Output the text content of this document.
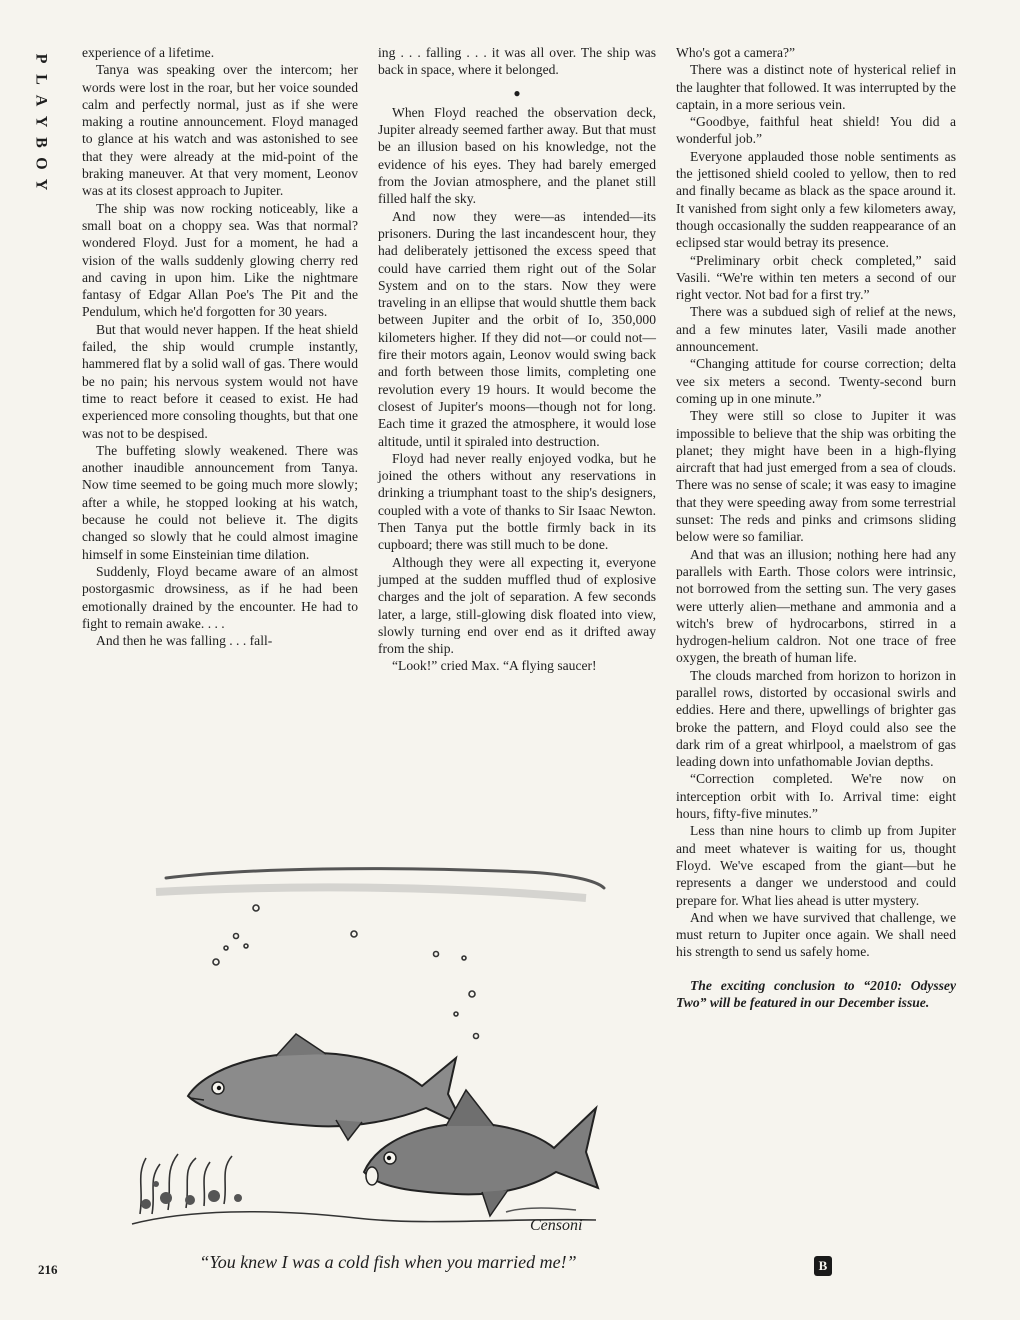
P
L
A
Y
B
O
Y

experience of a lifetime.

Tanya was speaking over the intercom; her words were lost in the roar, but her voice sounded calm and perfectly normal, just as if she were making a routine announcement. Floyd managed to glance at his watch and was astonished to see that they were already at the mid-point of the braking maneuver. At that very moment, Leonov was at its closest approach to Jupiter.

The ship was now rocking noticeably, like a small boat on a choppy sea. Was that normal? wondered Floyd. Just for a moment, he had a vision of the walls suddenly glowing cherry red and caving in upon him. Like the nightmare fantasy of Edgar Allan Poe's The Pit and the Pendulum, which he'd forgotten for 30 years.

But that would never happen. If the heat shield failed, the ship would crumple instantly, hammered flat by a solid wall of gas. There would be no pain; his nervous system would not have time to react before it ceased to exist. He had experienced more consoling thoughts, but that one was not to be despised.

The buffeting slowly weakened. There was another inaudible announcement from Tanya. Now time seemed to be going much more slowly; after a while, he stopped looking at his watch, because he could not believe it. The digits changed so slowly that he could almost imagine himself in some Einsteinian time dilation.

Suddenly, Floyd became aware of an almost postorgasmic drowsiness, as if he had been emotionally drained by the encounter. He had to fight to remain awake. . . .

And then he was falling . . . fall-

ing . . . falling . . . it was all over. The ship was back in space, where it belonged.

●

When Floyd reached the observation deck, Jupiter already seemed farther away. But that must be an illusion based on his knowledge, not the evidence of his eyes. They had barely emerged from the Jovian atmosphere, and the planet still filled half the sky.

And now they were—as intended—its prisoners. During the last incandescent hour, they had deliberately jettisoned the excess speed that could have carried them right out of the Solar System and on to the stars. Now they were traveling in an ellipse that would shuttle them back between Jupiter and the orbit of Io, 350,000 kilometers higher. If they did not—or could not—fire their motors again, Leonov would swing back and forth between those limits, completing one revolution every 19 hours. It would become the closest of Jupiter's moons—though not for long. Each time it grazed the atmosphere, it would lose altitude, until it spiraled into destruction.

Floyd had never really enjoyed vodka, but he joined the others without any reservations in drinking a triumphant toast to the ship's designers, coupled with a vote of thanks to Sir Isaac Newton. Then Tanya put the bottle firmly back in its cupboard; there was still much to be done.

Although they were all expecting it, everyone jumped at the sudden muffled thud of explosive charges and the jolt of separation. A few seconds later, a large, still-glowing disk floated into view, slowly turning end over end as it drifted away from the ship.

“Look!” cried Max. “A flying saucer!

Who's got a camera?”

There was a distinct note of hysterical relief in the laughter that followed. It was interrupted by the captain, in a more serious vein.

“Goodbye, faithful heat shield! You did a wonderful job.”

Everyone applauded those noble sentiments as the jettisoned shield cooled to yellow, then to red and finally became as black as the space around it. It vanished from sight only a few kilometers away, though occasionally the sudden reappearance of an eclipsed star would betray its presence.

“Preliminary orbit check completed,” said Vasili. “We're within ten meters a second of our right vector. Not bad for a first try.”

There was a subdued sigh of relief at the news, and a few minutes later, Vasili made another announcement.

“Changing attitude for course correction; delta vee six meters a second. Twenty-second burn coming up in one minute.”

They were still so close to Jupiter it was impossible to believe that the ship was orbiting the planet; they might have been in a high-flying aircraft that had just emerged from a sea of clouds. There was no sense of scale; it was easy to imagine that they were speeding away from some terrestrial sunset: The reds and pinks and crimsons sliding below were so familiar.

And that was an illusion; nothing here had any parallels with Earth. Those colors were intrinsic, not borrowed from the setting sun. The very gases were utterly alien—methane and ammonia and a witch's brew of hydrocarbons, stirred in a hydrogen-helium caldron. Not one trace of free oxygen, the breath of human life.

The clouds marched from horizon to horizon in parallel rows, distorted by occasional swirls and eddies. Here and there, upwellings of brighter gas broke the pattern, and Floyd could also see the dark rim of a great whirlpool, a maelstrom of gas leading down into unfathomable Jovian depths.

“Correction completed. We're now on interception orbit with Io. Arrival time: eight hours, fifty-five minutes.”

Less than nine hours to climb up from Jupiter and meet whatever is waiting for us, thought Floyd. We've escaped from the giant—but he represents a danger we understood and could prepare for. What lies ahead is utter mystery.

And when we have survived that challenge, we must return to Jupiter once again. We shall need his strength to send us safely home.

The exciting conclusion to “2010: Odyssey Two” will be featured in our December issue.

Censoni
“You knew I was a cold fish when you married me!”
216	B
